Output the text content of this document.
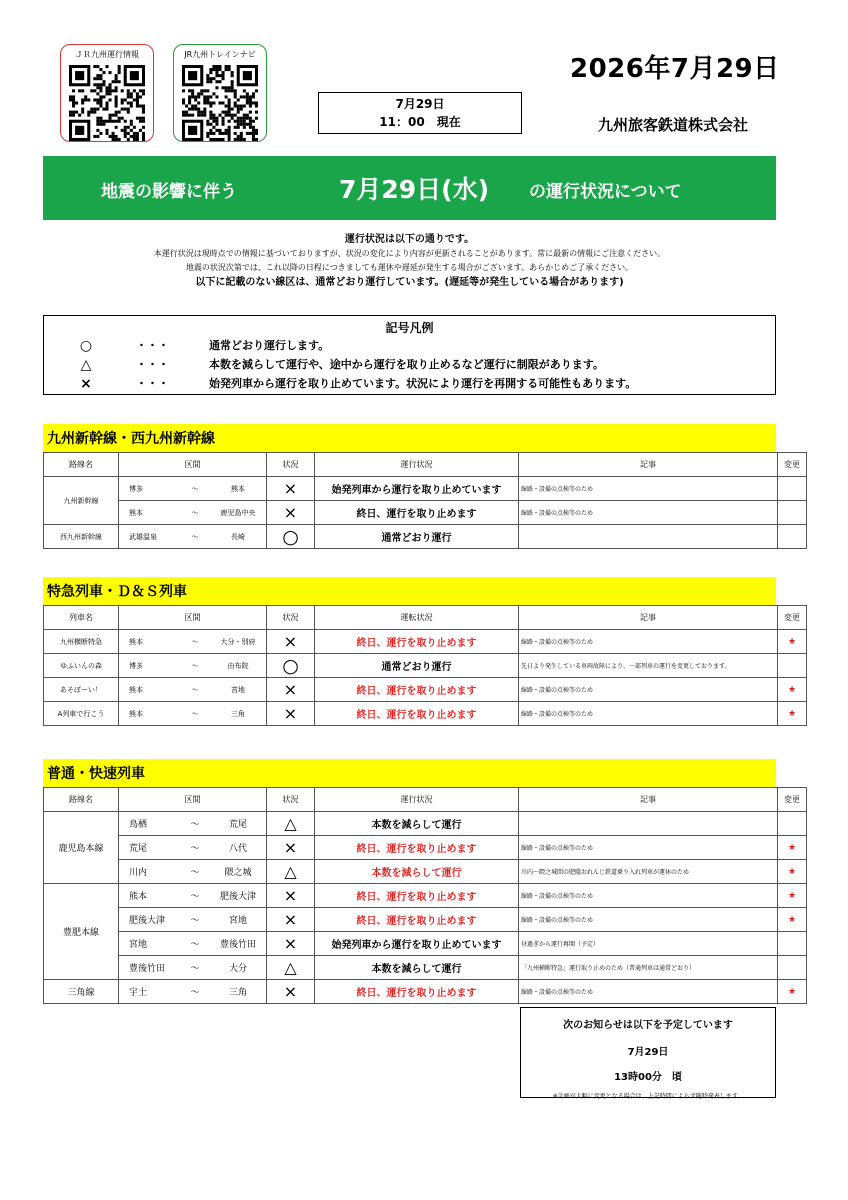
ＪＲ九州運行情報	JR九州トレインナビ	2026年7月29日
7月29日
11：00　現在	九州旅客鉄道株式会社
地震の影響に伴う	7月29日(水) の運行状況について
運行状況は以下の通りです。
本運行状況は現時点での情報に基づいておりますが、状況の変化により内容が更新されることがあります。常に最新の情報にご注意ください。
地震の状況次第では、これ以降の日程につきましても運休や遅延が発生する場合がございます。あらかじめご了承ください。
以下に記載のない線区は、通常どおり運行しています。(遅延等が発生している場合があります)
記号凡例
○	・・・	通常どおり運行します。
△	・・・	本数を減らして運行や、途中から運行を取り止めるなど運行に制限があります。
×	・・・	始発列車から運行を取り止めています。状況により運行を再開する可能性もあります。
九州新幹線・西九州新幹線
路線名	区間	状況	運行状況	記事	変更
九州新幹線	博多 ～ 熊本	×	始発列車から運行を取り止めています	線路・設備の点検等のため	
	熊本 ～ 鹿児島中央	×	終日、運行を取り止めます	線路・設備の点検等のため	
西九州新幹線	武雄温泉 ～ 長崎	○	通常どおり運行		
特急列車・Ｄ＆Ｓ列車
列車名	区間	状況	運転状況	記事	変更
九州横断特急	熊本 ～ 大分・別府	×	終日、運行を取り止めます	線路・設備の点検等のため	★
ゆふいんの森	博多 ～ 由布院	○	通常どおり運行	先日より発生している車両故障により、一部列車の運行を変更しております。	
あそぼーい！	熊本 ～ 宮地	×	終日、運行を取り止めます	線路・設備の点検等のため	★
A列車で行こう	熊本 ～ 三角	×	終日、運行を取り止めます	線路・設備の点検等のため	★
普通・快速列車
路線名	区間	状況	運行状況	記事	変更
鹿児島本線	鳥栖 ～ 荒尾	△	本数を減らして運行		
	荒尾 ～ 八代	×	終日、運行を取り止めます	線路・設備の点検等のため	★
	川内 ～ 隈之城	△	本数を減らして運行	川内～隈之城間の肥薩おれんじ鉄道乗り入れ列車が運休のため	★
豊肥本線	熊本 ～ 肥後大津	×	終日、運行を取り止めます	線路・設備の点検等のため	★
	肥後大津 ～ 宮地	×	終日、運行を取り止めます	線路・設備の点検等のため	★
	宮地 ～ 豊後竹田	×	始発列車から運行を取り止めています	昼過ぎから運行再開（予定）	
	豊後竹田 ～ 大分	△	本数を減らして運行	「九州横断特急」運行取り止めのため（普通列車は通常どおり）	
三角線	宇土 ～ 三角	×	終日、運行を取り止めます	線路・設備の点検等のため	★
次のお知らせは以下を予定しています
7月29日
13時00分　頃
※計画が大幅に変更となる場合は、上記時間によらず随時発表します。
